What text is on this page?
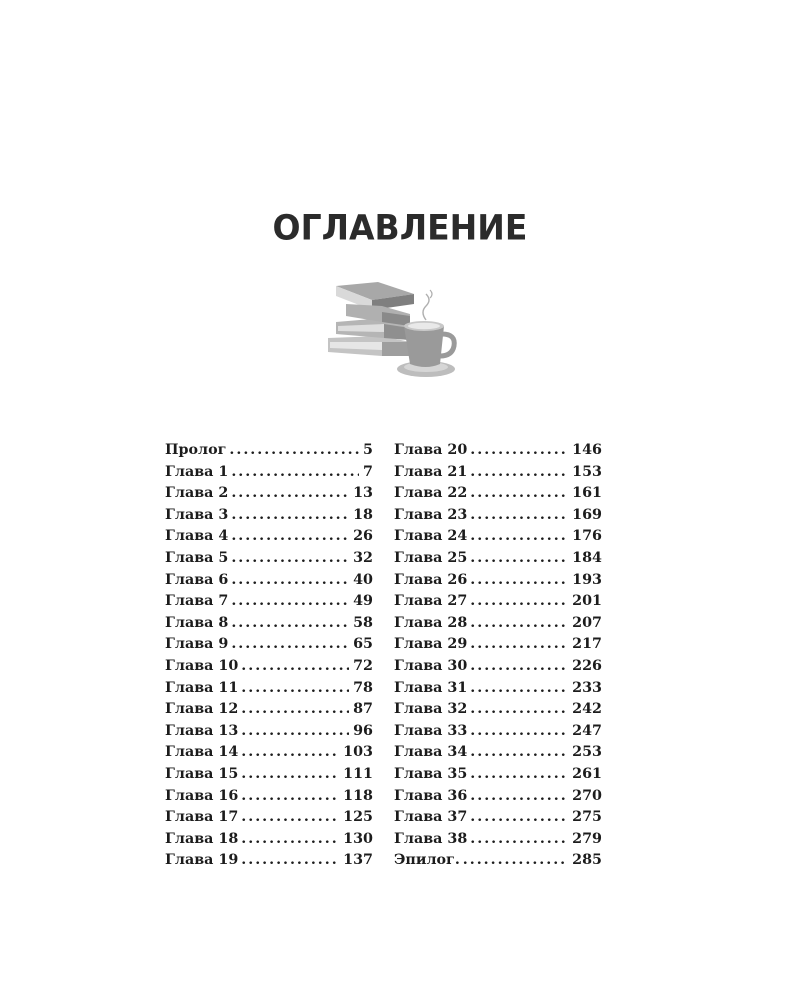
ОГЛАВЛЕНИЕ
Пролог . . .	5
Глава 1 . . .	7
Глава 2 . . .	13
Глава 3 . . .	18
Глава 4 . . .	26
Глава 5 . . .	32
Глава 6 . . .	40
Глава 7 . . .	49
Глава 8 . . .	58
Глава 9 . . .	65
Глава 10 . . .	72
Глава 11 . . .	78
Глава 12 . . .	87
Глава 13 . . .	96
Глава 14 . . .	103
Глава 15 . . .	111
Глава 16 . . .	118
Глава 17 . . .	125
Глава 18 . . .	130
Глава 19 . . .	137
Глава 20 . . .	146
Глава 21 . . .	153
Глава 22 . . .	161
Глава 23 . . .	169
Глава 24 . . .	176
Глава 25 . . .	184
Глава 26 . . .	193
Глава 27 . . .	201
Глава 28 . . .	207
Глава 29 . . .	217
Глава 30 . . .	226
Глава 31 . . .	233
Глава 32 . . .	242
Глава 33 . . .	247
Глава 34 . . .	253
Глава 35 . . .	261
Глава 36 . . .	270
Глава 37 . . .	275
Глава 38 . . .	279
Эпилог. . . .	285
